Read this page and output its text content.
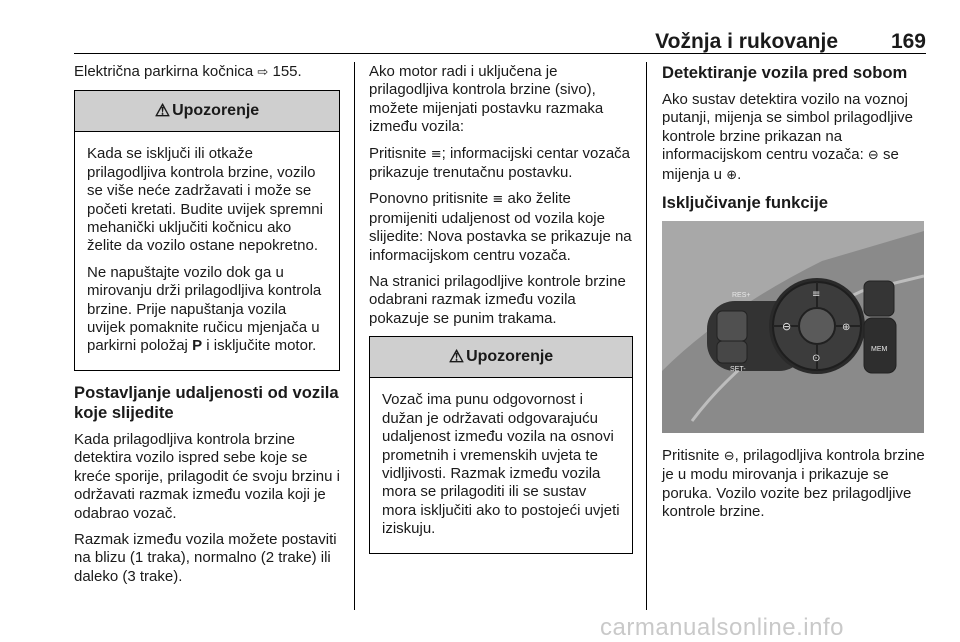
Vožnja i rukovanje	169

Električna parkirna kočnica ⇨ 155.

⚠ Upozorenje

Kada se isključi ili otkaže prilagodljiva kontrola brzine, vozilo se više neće zadržavati i može se početi kretati. Budite uvijek spremni mehanički uključiti kočnicu ako želite da vozilo ostane nepokretno.

Ne napuštajte vozilo dok ga u mirovanju drži prilagodljiva kontrola brzine. Prije napuštanja vozila uvijek pomaknite ručicu mjenjača u parkirni položaj P i isključite motor.

Postavljanje udaljenosti od vozila koje slijedite

Kada prilagodljiva kontrola brzine detektira vozilo ispred sebe koje se kreće sporije, prilagodit će svoju brzinu i održavati razmak između vozila koji je odabrao vozač.

Razmak između vozila možete postaviti na blizu (1 traka), normalno (2 trake) ili daleko (3 trake).

Ako motor radi i uključena je prilagodljiva kontrola brzine (sivo), možete mijenjati postavku razmaka između vozila:

Pritisnite ≡; informacijski centar vozača prikazuje trenutačnu postavku.

Ponovno pritisnite ≡ ako želite promijeniti udaljenost od vozila koje slijedite: Nova postavka se prikazuje na informacijskom centru vozača.

Na stranici prilagodljive kontrole brzine odabrani razmak između vozila pokazuje se punim trakama.

⚠ Upozorenje

Vozač ima punu odgovornost i dužan je održavati odgovarajuću udaljenost između vozila na osnovi prometnih i vremenskih uvjeta te vidljivosti. Razmak između vozila mora se prilagoditi ili se sustav mora isključiti ako to postojeći uvjeti iziskuju.

Detektiranje vozila pred sobom

Ako sustav detektira vozilo na voznoj putanji, mijenja se simbol prilagodljive kontrole brzine prikazan na informacijskom centru vozača: ⊖ se mijenja u ⊕.

Isključivanje funkcije
RES+
SET-
MEM
⊖
≡
⊕
⊙

Pritisnite ⊖, prilagodljiva kontrola brzine je u modu mirovanja i prikazuje se poruka. Vozilo vozite bez prilagodljive kontrole brzine.

carmanualsonline.info
